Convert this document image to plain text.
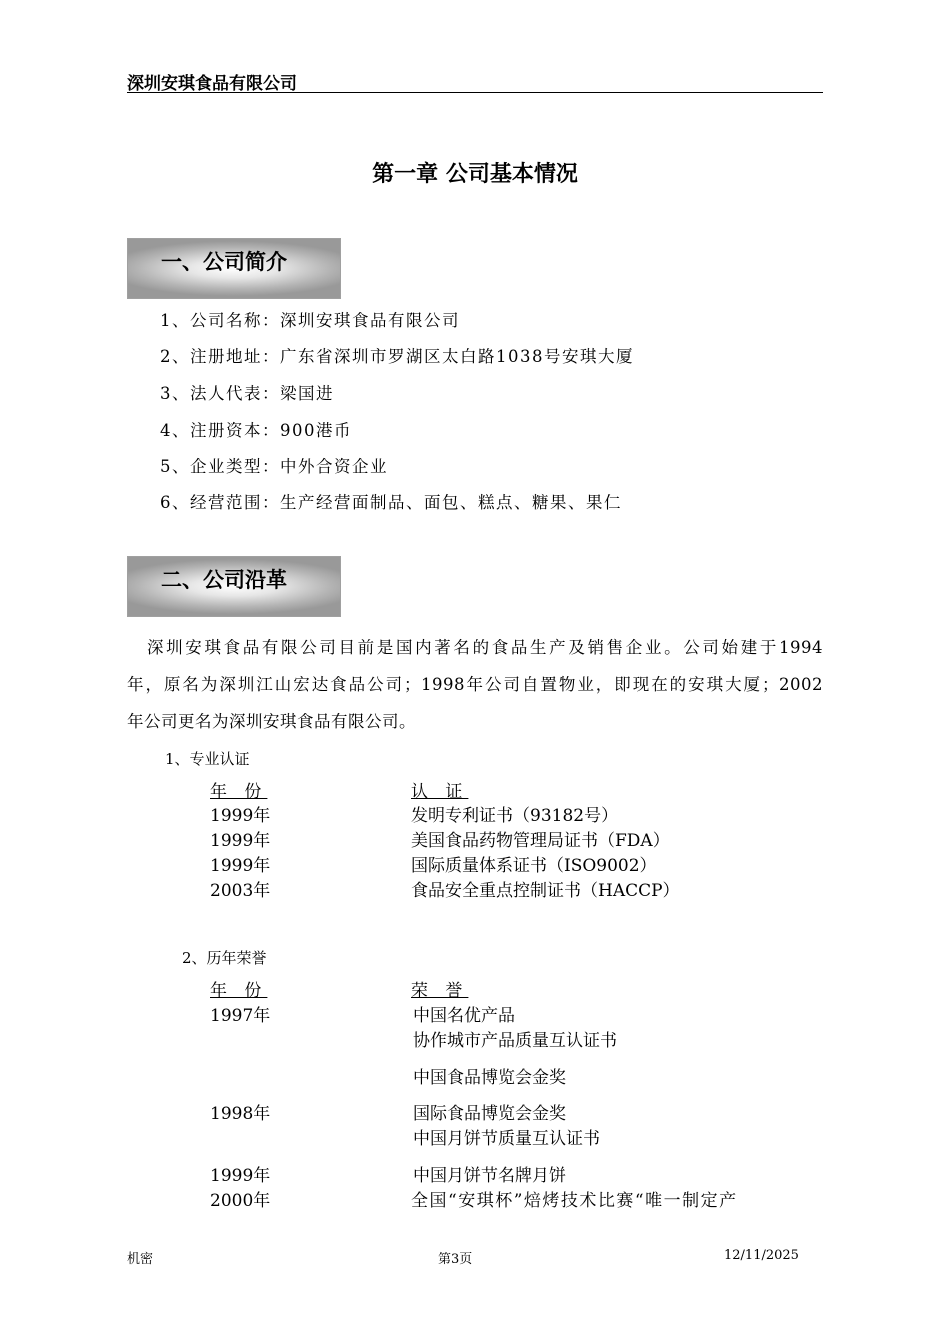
深圳安琪食品有限公司
第一章 公司基本情况
一、公司简介
1、公司名称：深圳安琪食品有限公司
2、注册地址：广东省深圳市罗湖区太白路1038号安琪大厦
3、法人代表：梁国进
4、注册资本：900港币
5、企业类型：中外合资企业
6、经营范围：生产经营面制品、面包、糕点、糖果、果仁
二、公司沿革

深圳安琪食品有限公司目前是国内著名的食品生产及销售企业。公司始建于1994

年，原名为深圳江山宏达食品公司；1998年公司自置物业，即现在的安琪大厦；2002

年公司更名为深圳安琪食品有限公司。

1、专业认证
年 份	认 证
1999年	发明专利证书（93182号）
1999年	美国食品药物管理局证书（FDA）
1999年	国际质量体系证书（ISO9002）
2003年	食品安全重点控制证书（HACCP）
2、历年荣誉
年 份	荣 誉
1997年	中国名优产品
协作城市产品质量互认证书
中国食品博览会金奖
1998年	国际食品博览会金奖
中国月饼节质量互认证书
1999年	中国月饼节名牌月饼
2000年	全国“安琪杯”焙烤技术比赛“唯一制定产
机密	第3页	12/11/2025
